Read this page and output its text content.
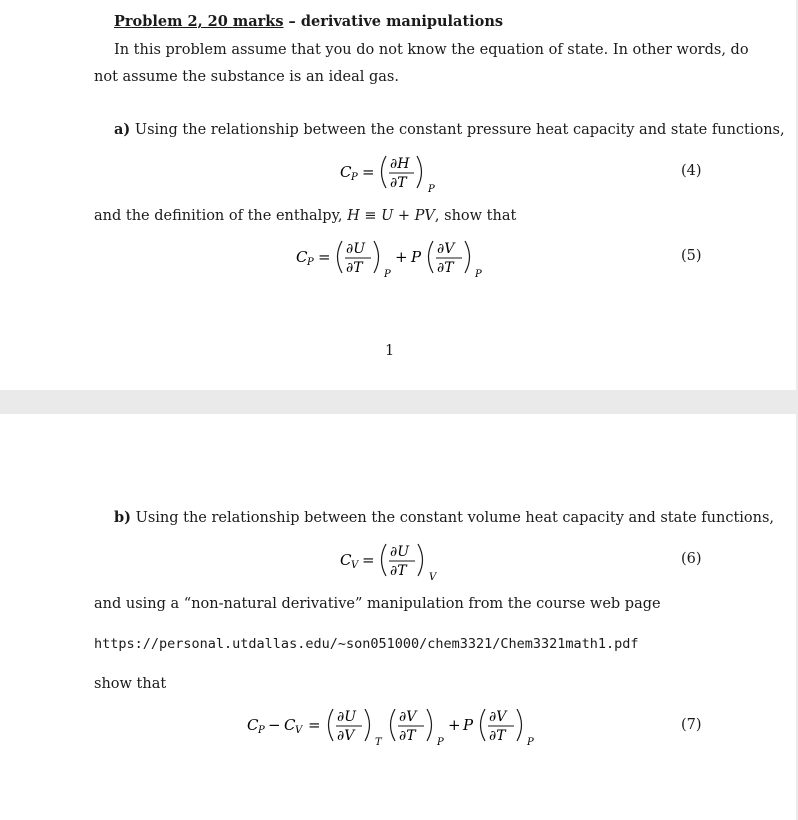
Problem 2, 20 marks – derivative manipulations
In this problem assume that you do not know the equation of state. In other words, do
not assume the substance is an ideal gas.
a) Using the relationship between the constant pressure heat capacity and state functions,
C P = ∂H
∂T P
(4)
and the definition of the enthalpy, H ≡ U + PV, show that
C P = ∂U
∂T P
+ P ∂V
∂T P
(5)
1
b) Using the relationship between the constant volume heat capacity and state functions,
C V = ∂U
∂T V
(6)
and using a “non-natural derivative” manipulation from the course web page
https://personal.utdallas.edu/~son051000/chem3321/Chem3321math1.pdf
show that
C P − C V = ∂U
∂V T
∂V
∂T P
+ P ∂V
∂T P
(7)
